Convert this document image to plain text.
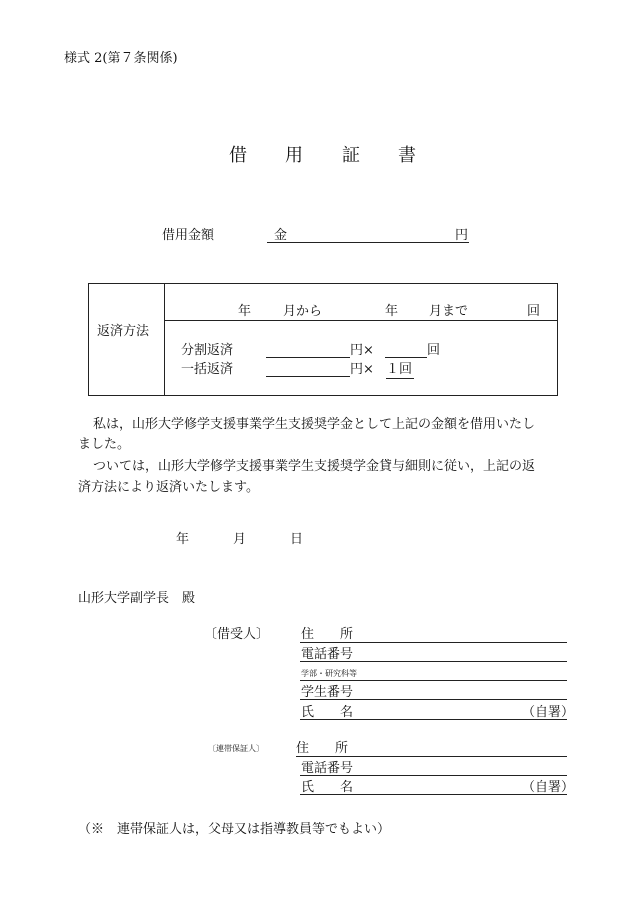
様式 2(第７条関係)
借 用 証 書
借用金額	金	円
返済方法
年 月から	年 月まで	回
分割返済	円×	回
一括返済	円× １回
私は，山形大学修学支援事業学生支援奨学金として上記の金額を借用いたし
ました。
ついては，山形大学修学支援事業学生支援奨学金貸与細則に従い，上記の返
済方法により返済いたします。
年	月	日
山形大学副学長　殿
〔借受人〕 住　　所
電話番号
学部・研究科等
学生番号
氏　　名	（自署）
〔連帯保証人〕 住　　所
電話番号
氏　　名	（自署）
（※　連帯保証人は，父母又は指導教員等でもよい）
